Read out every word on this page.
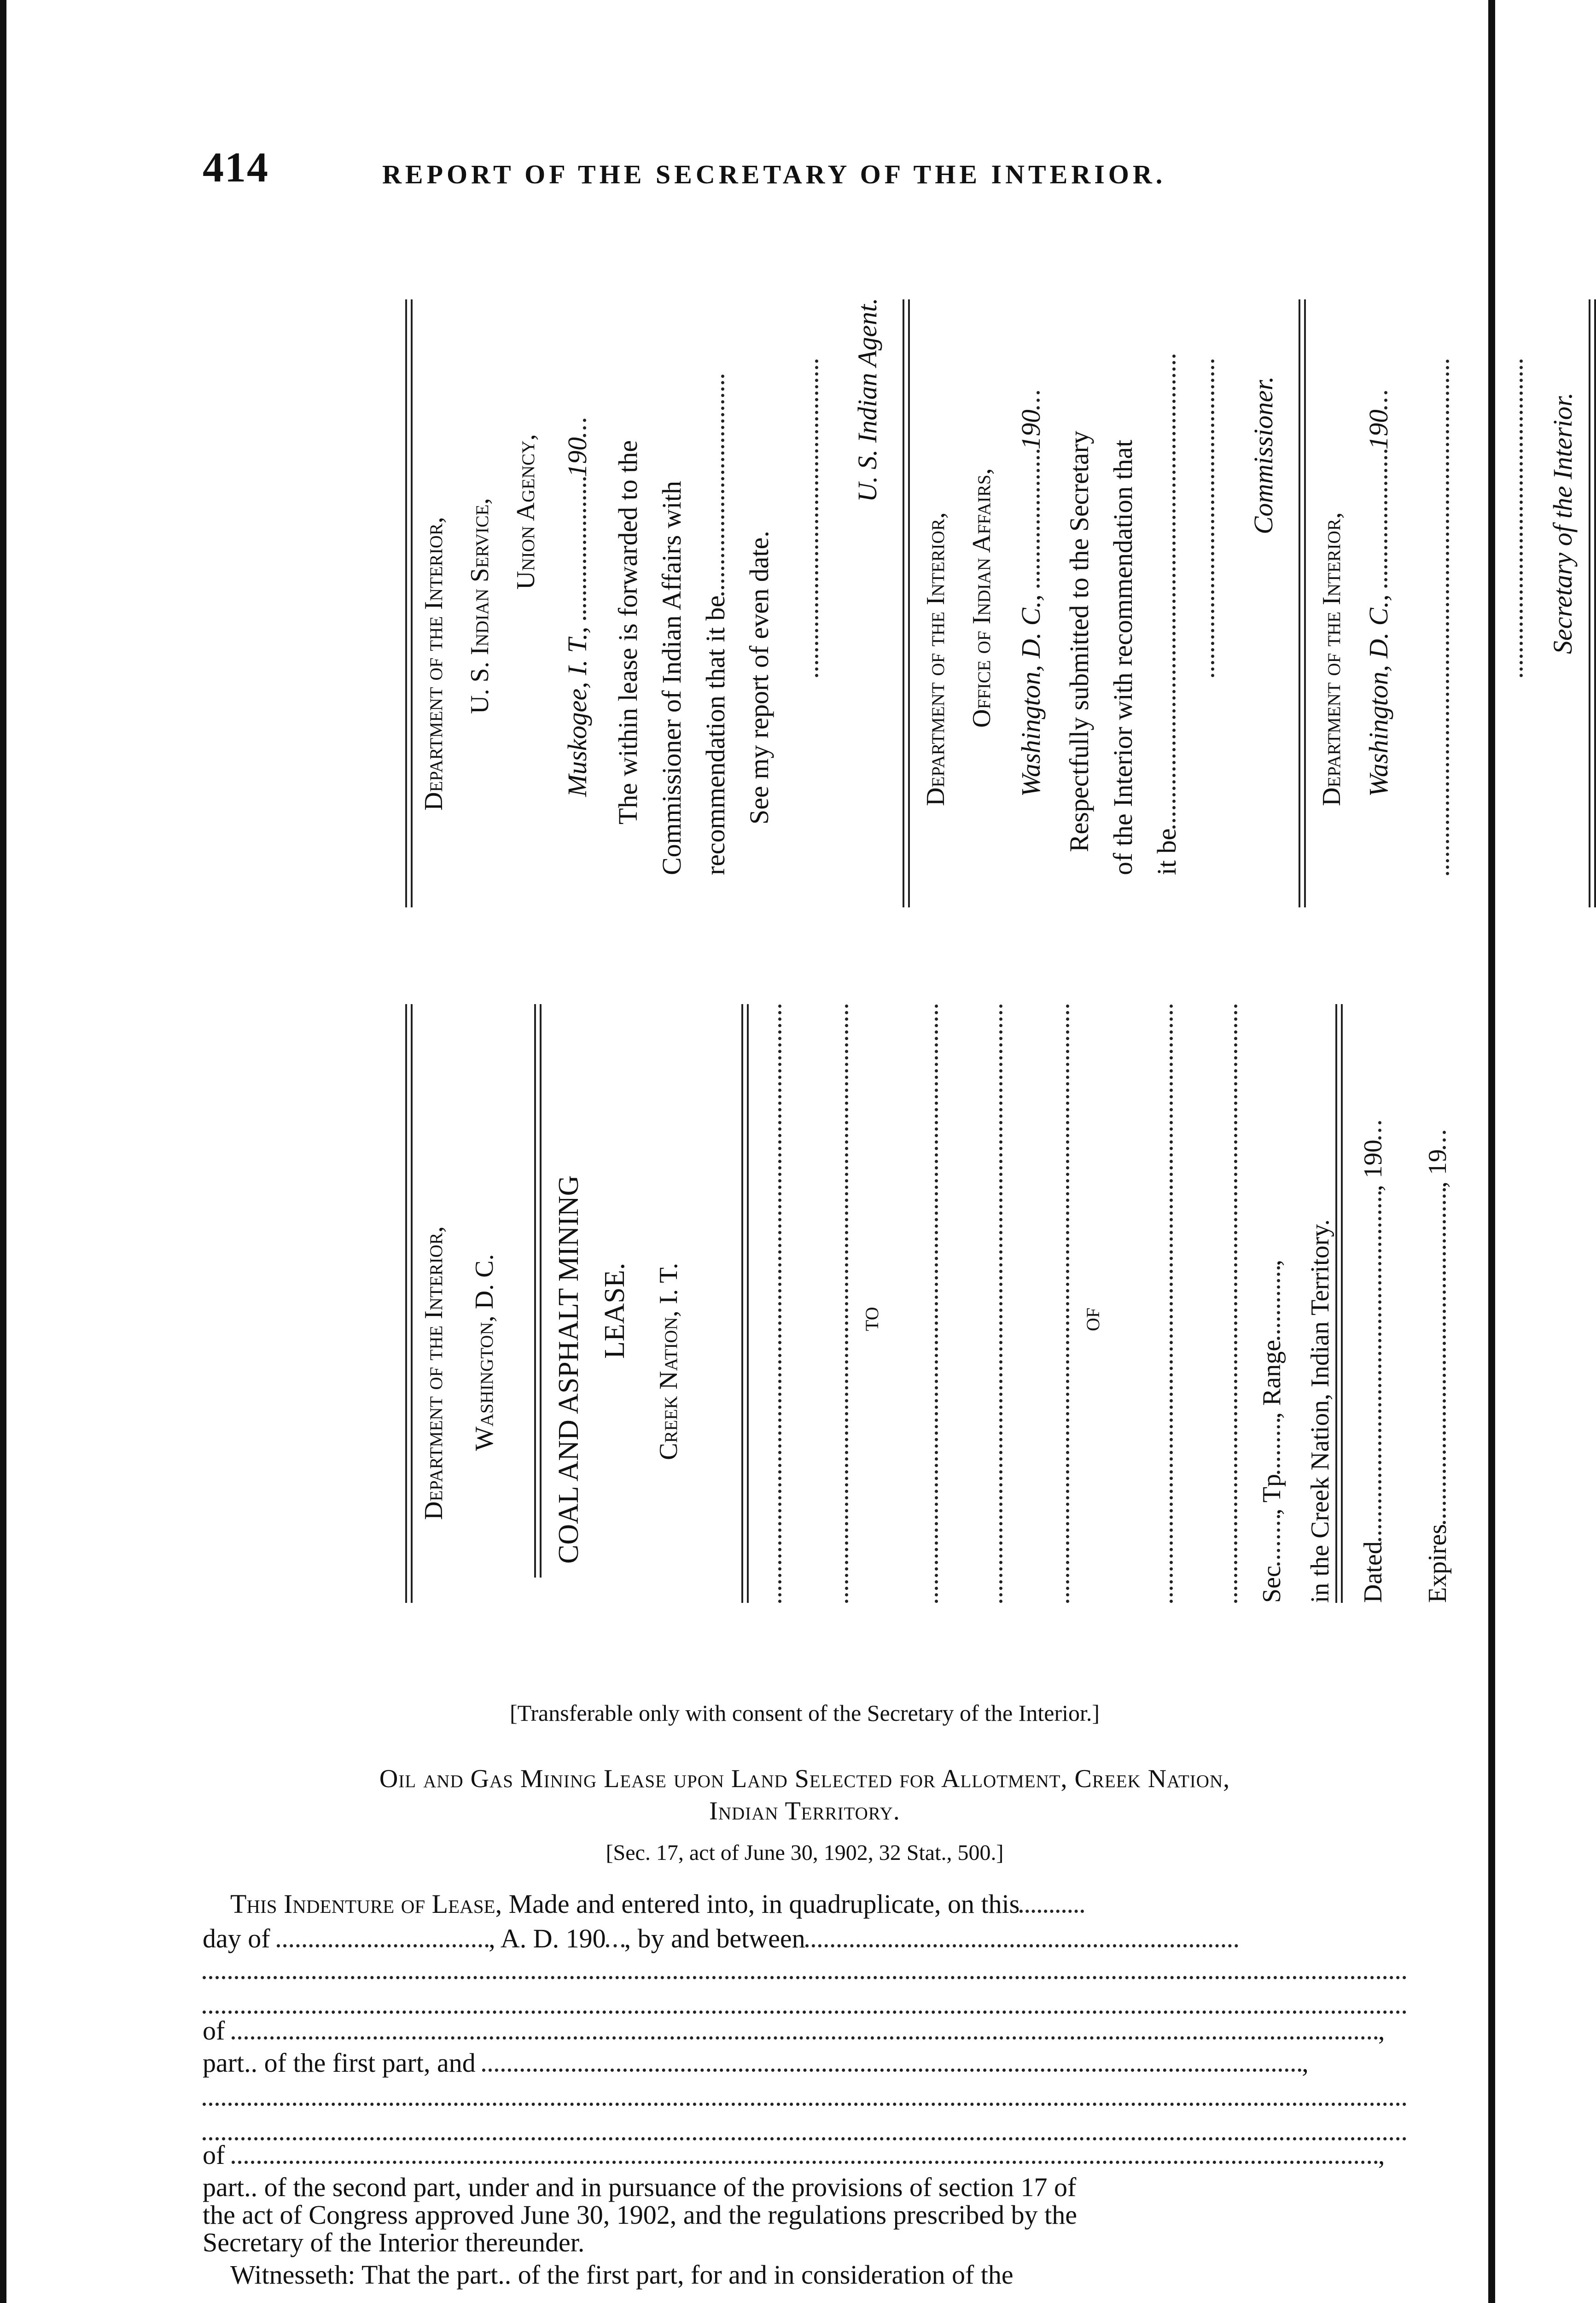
414	REPORT OF THE SECRETARY OF THE INTERIOR.
Department of the Interior, U. S. Indian Service, Union Agency,
Muskogee, I. T., 190 The within lease is forwarded to the Commissioner of Indian Affairs with recommendation that it be See my report of even date.
U. S. Indian Agent.
Department of the Interior, Office of Indian Affairs, Washington, D. C., 190
Respectfully submitted to the Secretary of the Interior with recommendation that it be
Commissioner.
Department of the Interior, Washington, D. C., 190	Secretary of the Interior.
Department of the Interior, Washington, D. C. COAL AND ASPHALT MINING LEASE. Creek Nation, I. T.	TO	OF
Sec, Tp, Range, in the Creek Nation, Indian Territory. Dated, 190
Expires, 19
[Transferable only with consent of the Secretary of the Interior.]
Oil and Gas Mining Lease upon Land Selected for Allotment, Creek Nation,
Indian Territory.
[Sec. 17, act of June 30, 1902, 32 Stat., 500.]
This Indenture of Lease, Made and entered into, in quadruplicate, on this
day of	, A. D. 190 , by and between
of	,
part.. of the first part, and	,
of	,
part.. of the second part, under and in pursuance of the provisions of section 17 of
the act of Congress approved June 30, 1902, and the regulations prescribed by the
Secretary of the Interior thereunder.
Witnesseth: That the part.. of the first part, for and in consideration of the
